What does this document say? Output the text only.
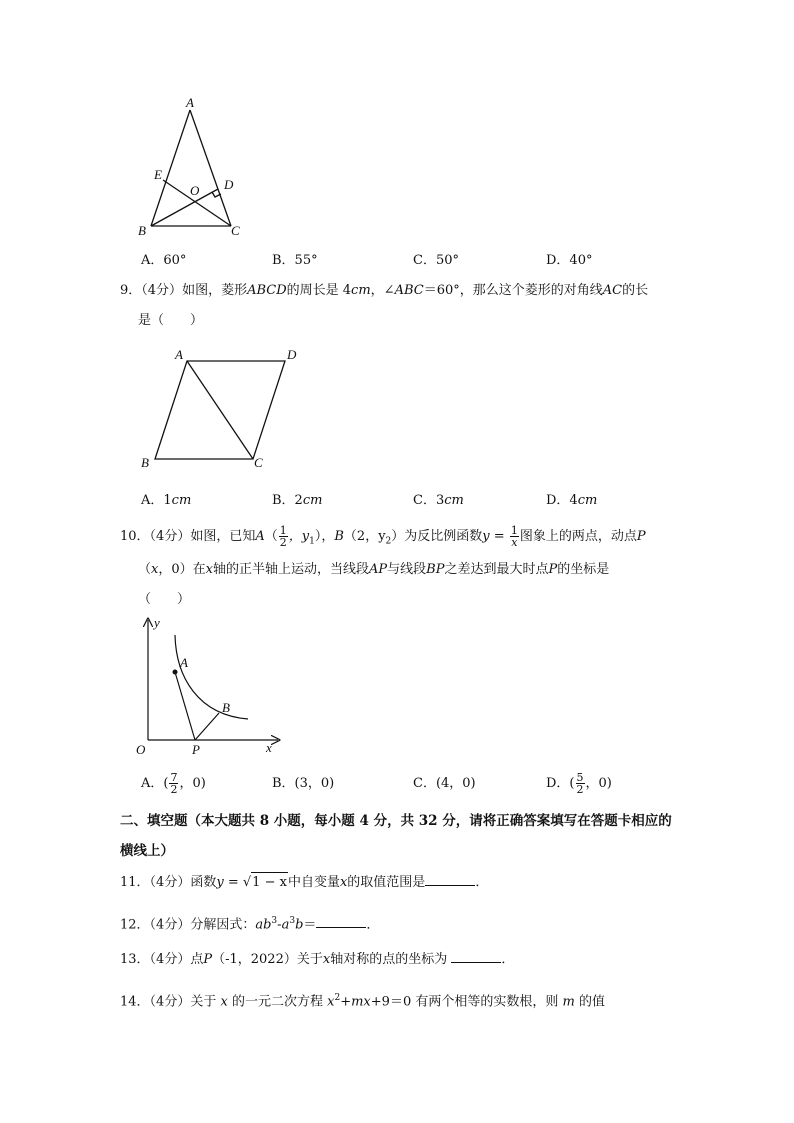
A
E
O D
B	C
A．60°	B．55°	C．50°	D．40°
9．（4分）如图，菱形ABCD的周长是 4cm，∠ABC＝60°，那么这个菱形的对角线AC的长
是（　　）
A	D
B	C
A．1cm	B．2cm	C．3cm	D．4cm
10．（4分）如图，已知$A( \frac{1}{2}$ ，$y_1$），B（2，$y_2$）为反比例函数$y = \frac{1}{x}$ 图象上的两点，动点P
（x，0）在x轴的正半轴上运动，当线段AP与线段BP之差达到最大时点P的坐标是
（　　）
y
A
B
O	P	x
A．( $\frac{7}{2}$ ，0)	B．(3，0)	C．(4，0)	D．( $\frac{5}{2}$ ，0)
二、填空题（本大题共 8 小题，每小题 4 分，共 32 分，请将正确答案填写在答题卡相应的
横线上）
11．（4分）函数y = √1 − x中自变量x的取值范围是	．
12．（4分）分解因式：$ab^3-a^3b=$	．
13．（4分）点P（-1，2022）关于x轴对称的点的坐标为	．
14．（4分）关于 x 的一元二次方程 $x^2+mx+9=0$ 有两个相等的实数根，则 m 的值
